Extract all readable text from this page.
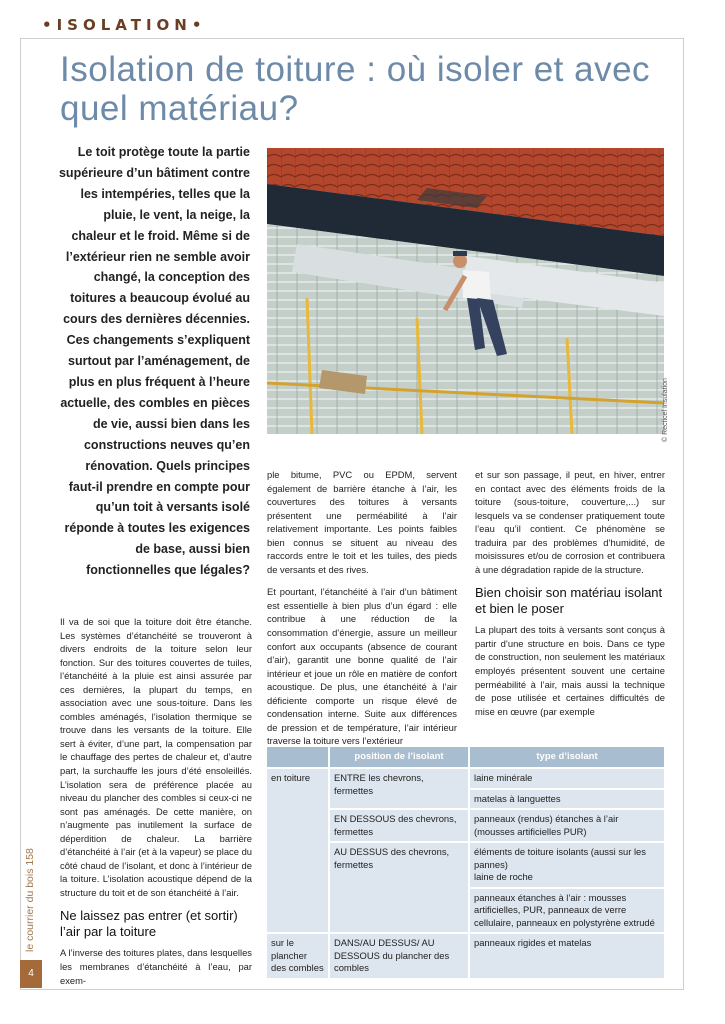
•ISOLATION•
Isolation de toiture : où isoler et avec quel matériau?

Le toit protège toute la partie supérieure d’un bâtiment contre les intempéries, telles que la pluie, le vent, la neige, la chaleur et le froid. Même si de l’extérieur rien ne semble avoir changé, la conception des toitures a beaucoup évolué au cours des dernières décennies. Ces changements s’expliquent surtout par l’aménagement, de plus en plus fréquent à l’heure actuelle, des combles en pièces de vie, aussi bien dans les constructions neuves qu’en rénovation. Quels principes faut-il prendre en compte pour qu’un toit à versants isolé réponde à toutes les exigences de base, aussi bien fonctionnelles que légales?

© Recticel Insulation

Il va de soi que la toiture doit être étanche. Les systèmes d’étanchéité se trouveront à divers endroits de la toiture selon leur fonction. Sur des toitures couvertes de tuiles, l’étanchéité à la pluie est ainsi assurée par ces dernières, la plupart du temps, en association avec une sous-toiture. Dans les combles aménagés, l’isolation thermique se trouve dans les versants de la toiture. Elle sert à éviter, d’une part, la compensation par le chauffage des pertes de chaleur et, d’autre part, la surchauffe les jours d’été ensoleillés. L’isolation sera de préférence placée au niveau du plancher des combles si ceux-ci ne sont pas aménagés. De cette manière, on n’augmente pas inutilement la surface de déperdition de chaleur. La barrière d’étanchéité à l’air (et à la vapeur) se place du côté chaud de l’isolant, et donc à l’intérieur de la toiture. L’isolation acoustique dépend de la structure du toit et de son étanchéité à l’air.

Ne laissez pas entrer (et sortir) l’air par la toiture

A l’inverse des toitures plates, dans lesquelles les membranes d’étanchéité à l’eau, par exem-

ple bitume, PVC ou EPDM, servent également de barrière étanche à l’air, les couvertures des toitures à versants présentent une perméabilité à l’air relativement importante. Les points faibles bien connus se situent au niveau des raccords entre le toit et les tuiles, des pieds de versants et des rives.

Et pourtant, l’étanchéité à l’air d’un bâtiment est essentielle à bien plus d’un égard : elle contribue à une réduction de la consommation d’énergie, assure un meilleur confort aux occupants (absence de courant d’air), garantit une bonne qualité de l’air intérieur et joue un rôle en matière de confort acoustique. De plus, une étanchéité à l’air déficiente comporte un risque élevé de condensation interne. Suite aux différences de pression et de température, l’air intérieur traverse la toiture vers l’extérieur

et sur son passage, il peut, en hiver, entrer en contact avec des éléments froids de la toiture (sous-toiture, couverture,...) sur lesquels va se condenser pratiquement toute l’eau qu’il contient. Ce phénomène se traduira par des problèmes d’humidité, de moisissures et/ou de corrosion et contribuera à une dégradation rapide de la structure.

Bien choisir son matériau isolant et bien le poser

La plupart des toits à versants sont conçus à partir d’une structure en bois. Dans ce type de construction, non seulement les matériaux employés présentent souvent une certaine perméabilité à l’air, mais aussi la technique de pose utilisée et certaines difficultés de mise en œuvre (par exemple

	position de l’isolant	type d’isolant
en toiture	ENTRE les chevrons, fermettes	laine minérale
		matelas à languettes
	EN DESSOUS des chevrons, fermettes	panneaux (rendus) étanches à l’air (mousses artificielles PUR)
	AU DESSUS des chevrons, fermettes	éléments de toiture isolants (aussi sur les pannes)
laine de roche
		panneaux étanches à l’air : mousses artificielles, PUR, panneaux de verre cellulaire, panneaux en polystyrène extrudé
sur le plancher des combles	DANS/AU DESSUS/ AU DESSOUS du plancher des combles	panneaux rigides et matelas
le courrier du bois 158
4
